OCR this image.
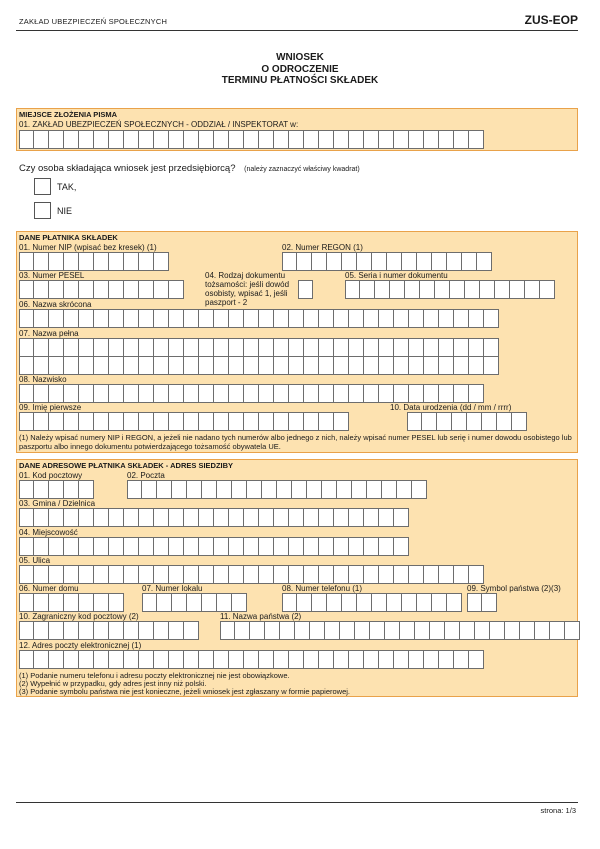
ZAKŁAD UBEZPIECZEŃ SPOŁECZNYCH	ZUS-EOP
WNIOSEK
O ODROCZENIE
TERMINU PŁATNOŚCI SKŁADEK
MIEJSCE ZŁOŻENIA PISMA
01. ZAKŁAD UBEZPIECZEŃ SPOŁECZNYCH - ODDZIAŁ / INSPEKTORAT w:
Czy osoba składająca wniosek jest przedsiębiorcą? (należy zaznaczyć właściwy kwadrat)
TAK,
NIE
DANE PŁATNIKA SKŁADEK
01. Numer NIP (wpisać bez kresek) (1)	02. Numer REGON (1)
03. Numer PESEL	04. Rodzaj dokumentu tożsamości: jeśli dowód osobisty, wpisać 1, jeśli paszport - 2
05. Seria i numer dokumentu
06. Nazwa skrócona
07. Nazwa pełna
08. Nazwisko
09. Imię pierwsze	10. Data urodzenia (dd / mm / rrrr)
(1) Należy wpisać numery NIP i REGON, a jeżeli nie nadano tych numerów albo jednego z nich, należy wpisać numer PESEL lub serię i numer dowodu osobistego lub paszportu albo innego dokumentu potwierdzającego tożsamość obywatela UE.
DANE ADRESOWE PŁATNIKA SKŁADEK - ADRES SIEDZIBY
01. Kod pocztowy	02. Poczta
03. Gmina / Dzielnica
04. Miejscowość
05. Ulica
06. Numer domu	07. Numer lokalu	08. Numer telefonu (1)	09. Symbol państwa (2)(3)
10. Zagraniczny kod pocztowy (2)	11. Nazwa państwa (2)
12. Adres poczty elektronicznej (1)
(1) Podanie numeru telefonu i adresu poczty elektronicznej nie jest obowiązkowe.
(2) Wypełnić w przypadku, gdy adres jest inny niż polski.
(3) Podanie symbolu państwa nie jest konieczne, jeżeli wniosek jest zgłaszany w formie papierowej.
strona: 1/3
